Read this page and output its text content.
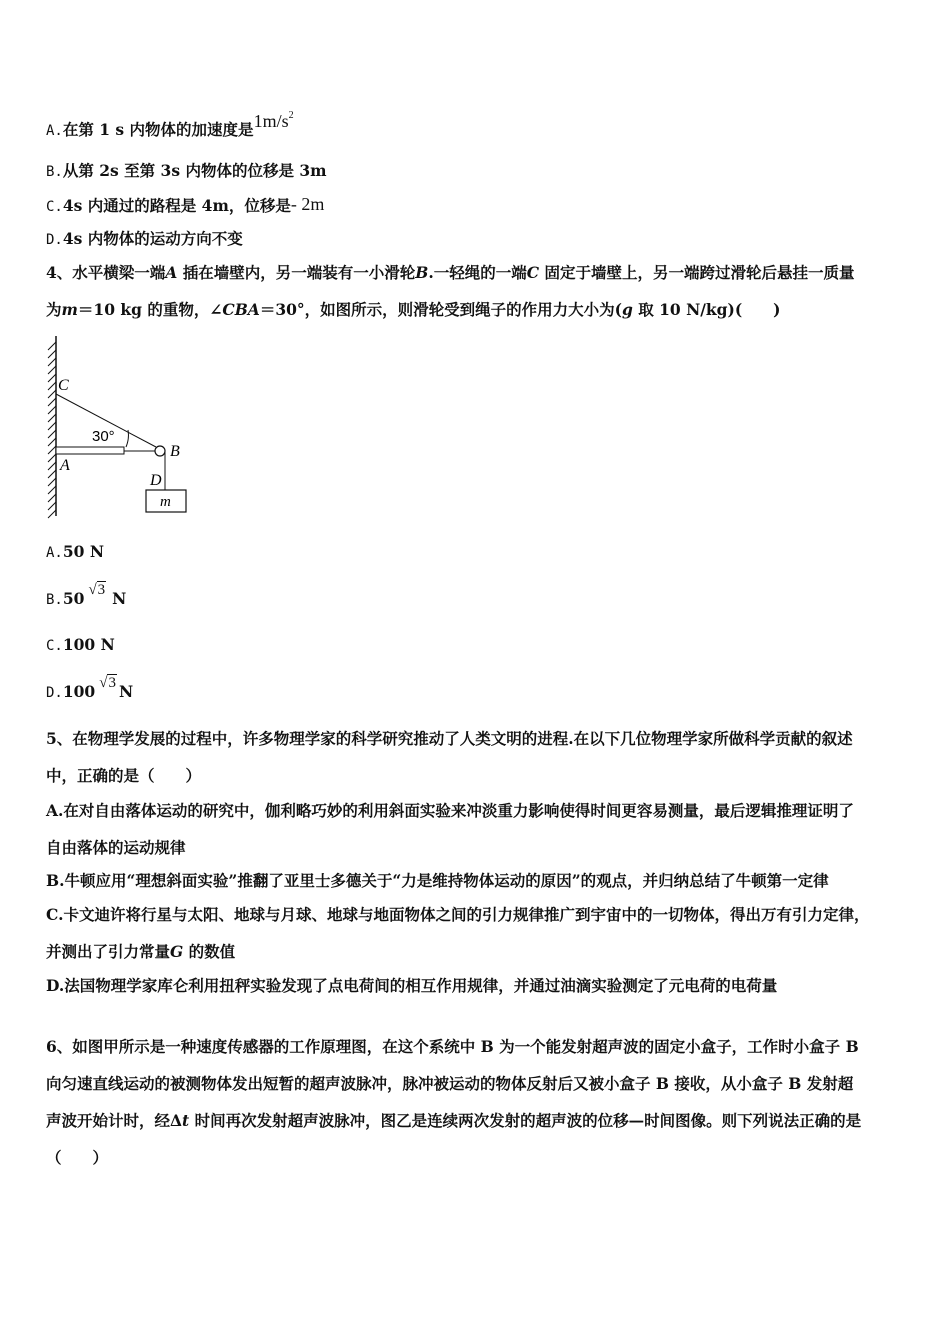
A.在第 1 s 内物体的加速度是$1m/s^2$
B.从第 2s 至第 3s 内物体的位移是 3m
C.4s 内通过的路程是 4m，位移是- 2m
D.4s 内物体的运动方向不变
4、水平横梁一端A 插在墙壁内，另一端装有一小滑轮B.一轻绳的一端C 固定于墙壁上，另一端跨过滑轮后悬挂一质量
为m＝10 kg 的重物，∠CBA＝30°，如图所示，则滑轮受到绳子的作用力大小为(g 取 10 N/kg)(　　)
C
A
B
D
m
30°
A.50 N
B.50 √3 N
C.100 N
D.100 √3 N
5、在物理学发展的过程中，许多物理学家的科学研究推动了人类文明的进程.在以下几位物理学家所做科学贡献的叙述
中，正确的是（　　）
A.在对自由落体运动的研究中，伽利略巧妙的利用斜面实验来冲淡重力影响使得时间更容易测量，最后逻辑推理证明了
自由落体的运动规律
B.牛顿应用“理想斜面实验”推翻了亚里士多德关于“力是维持物体运动的原因”的观点，并归纳总结了牛顿第一定律
C.卡文迪许将行星与太阳、地球与月球、地球与地面物体之间的引力规律推广到宇宙中的一切物体，得出万有引力定律，
并测出了引力常量G 的数值
D.法国物理学家库仑利用扭秤实验发现了点电荷间的相互作用规律，并通过油滴实验测定了元电荷的电荷量
6、如图甲所示是一种速度传感器的工作原理图，在这个系统中 B 为一个能发射超声波的固定小盒子，工作时小盒子 B
向匀速直线运动的被测物体发出短暂的超声波脉冲，脉冲被运动的物体反射后又被小盒子 B 接收，从小盒子 B 发射超
声波开始计时，经Δt 时间再次发射超声波脉冲，图乙是连续两次发射的超声波的位移—时间图像。则下列说法正确的是
（　　）
